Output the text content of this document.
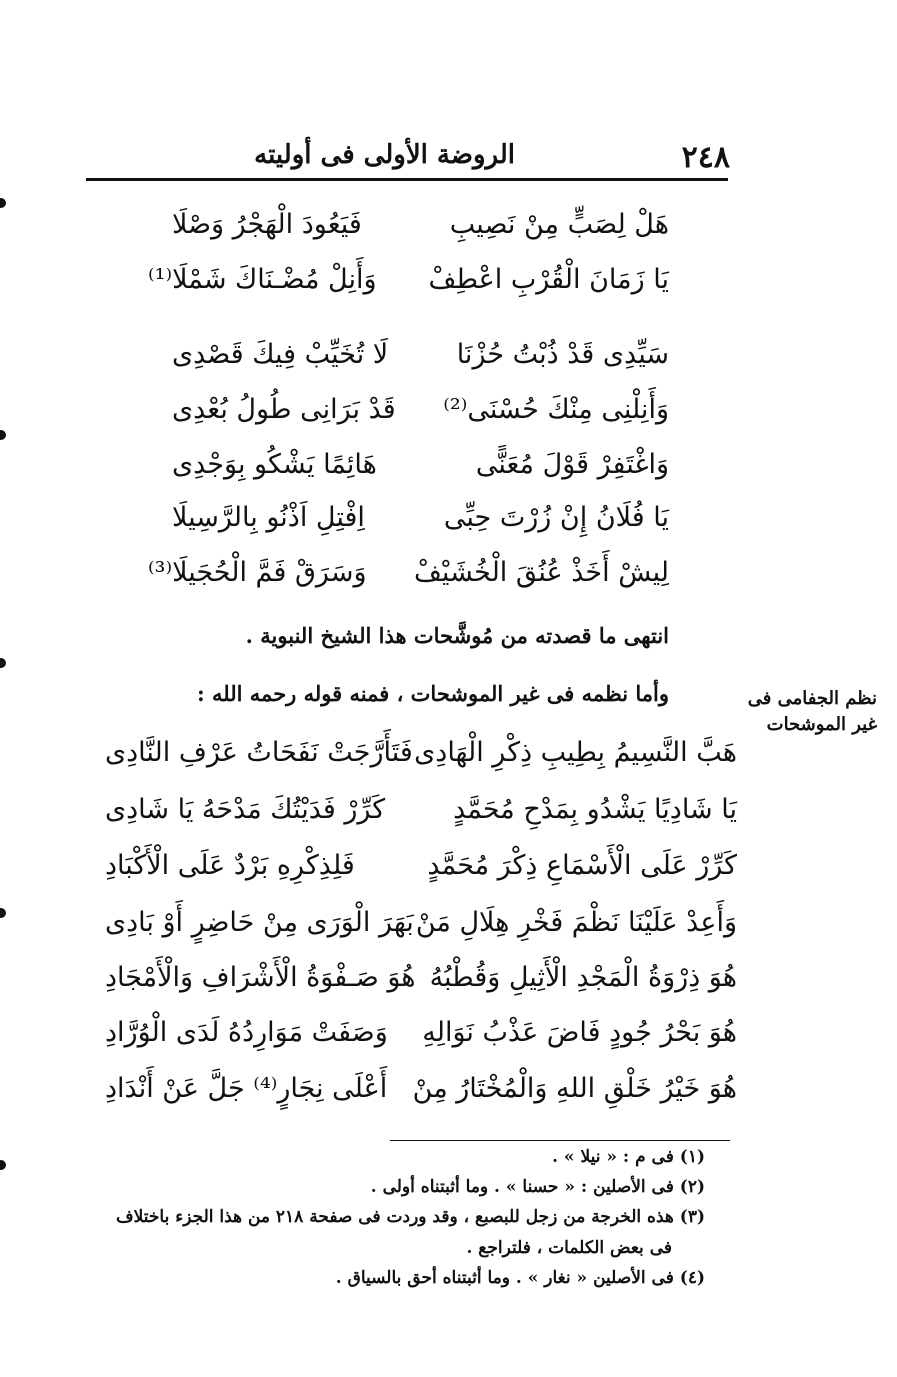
٢٤٨
الروضة الأولى فى أوليته
هَلْ لِصَبٍّ مِنْ نَصِيبِ
فَيَعُودَ الْهَجْرُ وَصْلَا
يَا زَمَانَ الْقُرْبِ اعْطِفْ
وَأَنِلْ مُضْـنَاكَ شَمْلَا⁽¹⁾
سَيِّدِى قَدْ ذُبْتُ حُزْنَا
لَا تُخَيِّبْ فِيكَ قَصْدِى
وَأَنِلْنِى مِنْكَ حُسْنَى⁽²⁾
قَدْ بَرَانِى طُولُ بُعْدِى
وَاغْتَفِرْ قَوْلَ مُعَنًّى
هَائِمًا يَشْكُو بِوَجْدِى
يَا فُلَانُ إِنْ زُرْتَ حِبِّى
اِفْتِلِ اَذْنُو بِالرَّسِيلَا
لِيشْ أَخَذْ عُنُقَ الْخُشَيْفْ
وَسَرَقْ فَمَّ الْحُجَيلَا⁽³⁾
انتهى ما قصدته من مُوشَّحات هذا الشيخ النبوية .
وأما نظمه فى غير الموشحات ، فمنه قوله رحمه الله :	نظم الجفامى فى
غير الموشحات
هَبَّ النَّسِيمُ بِطِيبِ ذِكْرِ الْهَادِى
فَتَأَرَّجَتْ نَفَحَاتُ عَرْفِ النَّادِى
يَا شَادِيًا يَشْدُو بِمَدْحِ مُحَمَّدٍ
كَرِّرْ فَدَيْتُكَ مَدْحَهُ يَا شَادِى
كَرِّرْ عَلَى الْأَسْمَاعِ ذِكْرَ مُحَمَّدٍ
فَلِذِكْرِهِ بَرْدٌ عَلَى الْأَكْبَادِ
وَأَعِدْ عَلَيْنَا نَظْمَ فَخْرِ هِلَالِ مَنْ
بَهَرَ الْوَرَى مِنْ حَاضِرٍ أَوْ بَادِى
هُوَ ذِرْوَةُ الْمَجْدِ الْأَثِيلِ وَقُطْبُهُ
هُوَ صَـفْوَةُ الْأَشْرَافِ وَالْأَمْجَادِ
هُوَ بَحْرُ جُودٍ فَاضَ عَذْبُ نَوَالِهِ
وَصَفَتْ مَوَارِدُهُ لَدَى الْوُرَّادِ
هُوَ خَيْرُ خَلْقِ اللهِ وَالْمُخْتَارُ مِنْ
أَعْلَى نِجَارٍ⁽⁴⁾ جَلَّ عَنْ أَنْدَادِ
(١) فى م : « نيلا » .
(٢) فى الأصلين : « حسنا » . وما أثبتناه أولى .
(٣) هذه الخرجة من زجل للبصبع ، وقد وردت فى صفحة ٢١٨ من هذا الجزء باختلاف
فى بعض الكلمات ، فلتراجع .
(٤) فى الأصلين « نغار » . وما أثبتناه أحق بالسياق .
